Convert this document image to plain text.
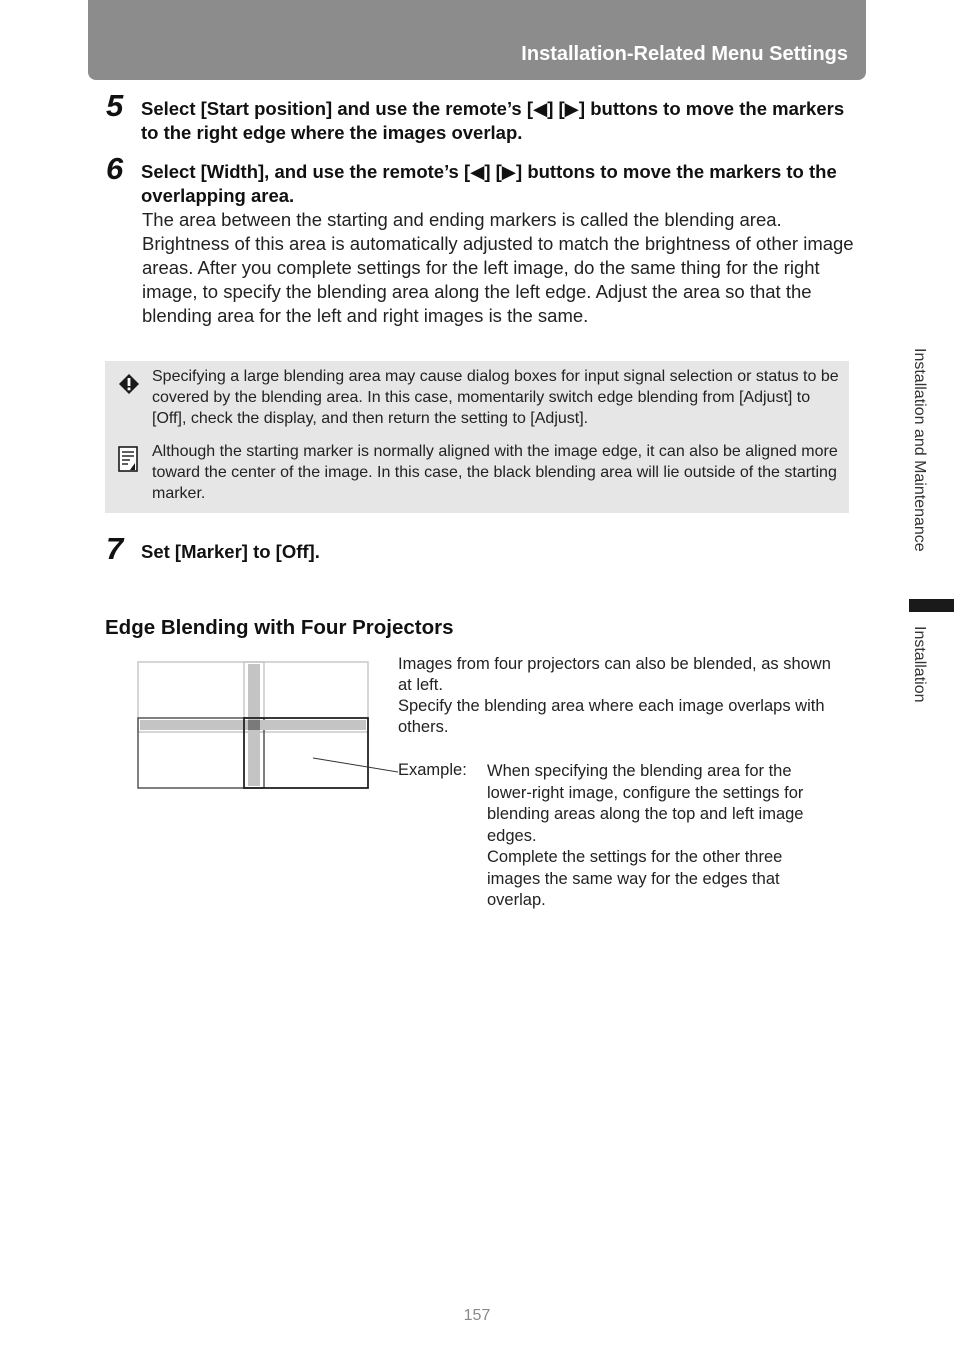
Installation-Related Menu Settings
5 Select [Start position] and use the remote’s [◀] [▶] buttons to move the markers to the right edge where the images overlap.
6 Select [Width], and use the remote’s [◀] [▶] buttons to move the markers to the overlapping area.
The area between the starting and ending markers is called the blending area. Brightness of this area is automatically adjusted to match the brightness of other image areas. After you complete settings for the left image, do the same thing for the right image, to specify the blending area along the left edge. Adjust the area so that the blending area for the left and right images is the same.
Specifying a large blending area may cause dialog boxes for input signal selection or status to be covered by the blending area. In this case, momentarily switch edge blending from [Adjust] to [Off], check the display, and then return the setting to [Adjust].
Although the starting marker is normally aligned with the image edge, it can also be aligned more toward the center of the image. In this case, the black blending area will lie outside of the starting marker.
7 Set [Marker] to [Off].
Edge Blending with Four Projectors
Images from four projectors can also be blended, as shown at left.
Specify the blending area where each image overlaps with others.
Example: When specifying the blending area for the lower-right image, configure the settings for blending areas along the top and left image edges.
Complete the settings for the other three images the same way for the edges that overlap.
Installation and Maintenance
Installation
157
